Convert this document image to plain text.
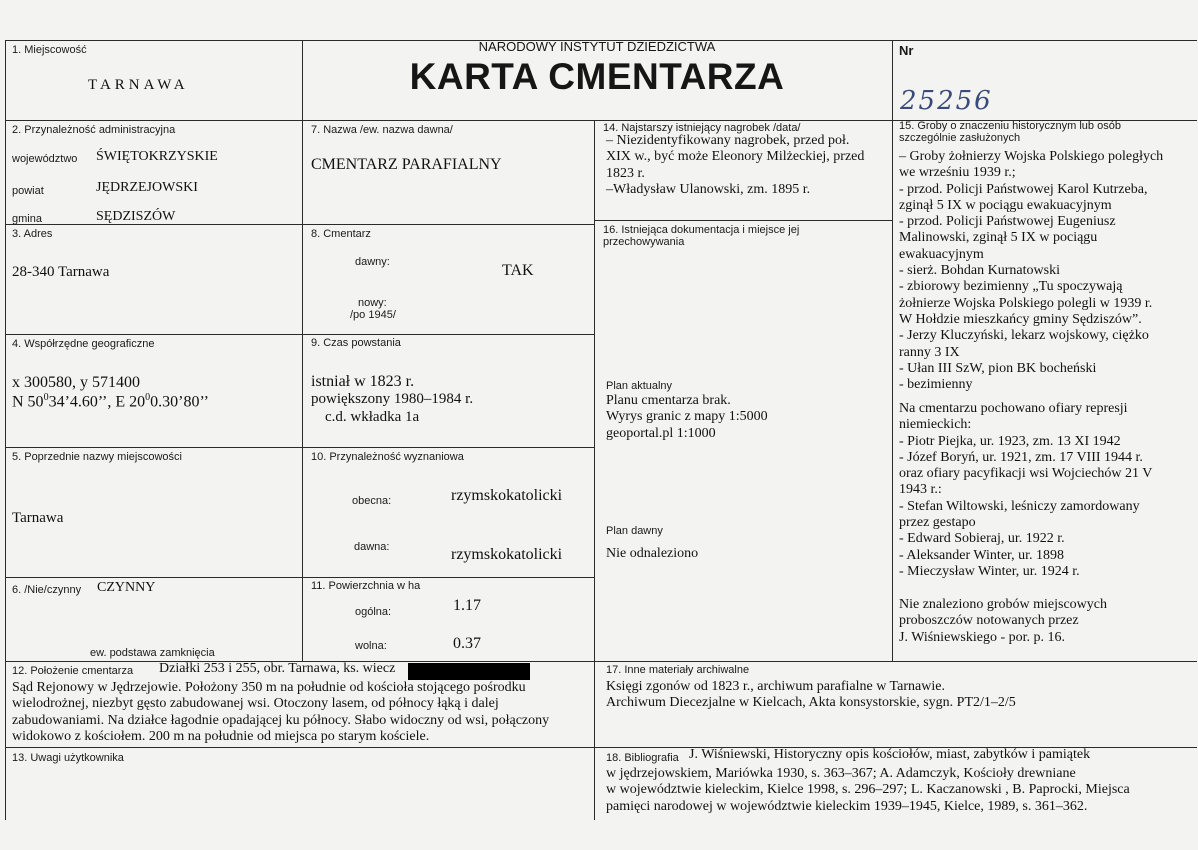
NARODOWY INSTYTUT DZIEDZICTWA
KARTA CMENTARZA
Nr
25256
1. Miejscowość
TARNAWA
2. Przynależność administracyjna
województwo ŚWIĘTOKRZYSKIE
powiat	JĘDRZEJOWSKI
gmina	SĘDZISZÓW
3. Adres
28-340 Tarnawa
4. Współrzędne geograficzne
x 300580, y 571400
N $50^034’4.60$’’, E $20^00.30’80$’’
5. Poprzednie nazwy miejscowości
Tarnawa
6. /Nie/czynny CZYNNY
ew. podstawa zamknięcia
7. Nazwa /ew. nazwa dawna/
CMENTARZ PARAFIALNY
8. Cmentarz
dawny:	TAK
nowy:
/po 1945/
9. Czas powstania
istniał w 1823 r.
powiększony 1980–1984 r.
c.d. wkładka 1a
10. Przynależność wyznaniowa
obecna:	rzymskokatolicki
dawna:	rzymskokatolicki
11. Powierzchnia w ha
ogólna:	1.17
wolna:	0.37
14. Najstarszy istniejący nagrobek /data/
– Niezidentyfikowany nagrobek, przed poł.
XIX w., być może Eleonory Milżeckiej, przed
1823 r.
–Władysław Ulanowski, zm. 1895 r.
16. Istniejąca dokumentacja i miejsce jej
przechowywania
Plan aktualny
Planu cmentarza brak.
Wyrys granic z mapy 1:5000
geoportal.pl 1:1000
Plan dawny
Nie odnaleziono
15. Groby o znaczeniu historycznym lub osób
szczególnie zasłużonych
– Groby żołnierzy Wojska Polskiego poległych
we wrześniu 1939 r.;
- przod. Policji Państwowej Karol Kutrzeba,
zginął 5 IX w pociągu ewakuacyjnym
- przod. Policji Państwowej Eugeniusz
Malinowski, zginął 5 IX w pociągu
ewakuacyjnym
- sierż. Bohdan Kurnatowski
- zbiorowy bezimienny „Tu spoczywają
żołnierze Wojska Polskiego polegli w 1939 r.
W Hołdzie mieszkańcy gminy Sędziszów”.
- Jerzy Kluczyński, lekarz wojskowy, ciężko
ranny 3 IX
- Ułan III SzW, pion BK bocheński
- bezimienny
Na cmentarzu pochowano ofiary represji
niemieckich:
- Piotr Piejka, ur. 1923, zm. 13 XI 1942
- Józef Boryń, ur. 1921, zm. 17 VIII 1944 r.
oraz ofiary pacyfikacji wsi Wojciechów 21 V
1943 r.:
- Stefan Wiltowski, leśniczy zamordowany
przez gestapo
- Edward Sobieraj, ur. 1922 r.
- Aleksander Winter, ur. 1898
- Mieczysław Winter, ur. 1924 r.
Nie znaleziono grobów miejscowych
proboszczów notowanych przez
J. Wiśniewskiego - por. p. 16.
12. Położenie cmentarza Działki 253 i 255, obr. Tarnawa, ks. wiecz
Sąd Rejonowy w Jędrzejowie. Położony 350 m na południe od kościoła stojącego pośrodku
wielodrożnej, niezbyt gęsto zabudowanej wsi. Otoczony lasem, od północy łąką i dalej
zabudowaniami. Na działce łagodnie opadającej ku północy. Słabo widoczny od wsi, połączony
widokowo z kościołem. 200 m na południe od miejsca po starym kościele.
17. Inne materiały archiwalne
Księgi zgonów od 1823 r., archiwum parafialne w Tarnawie.
Archiwum Diecezjalne w Kielcach, Akta konsystorskie, sygn. PT2/1–2/5
13. Uwagi użytkownika	18. Bibliografia J. Wiśniewski, Historyczny opis kościołów, miast, zabytków i pamiątek
w jędrzejowskiem, Mariówka 1930, s. 363–367; A. Adamczyk, Kościoły drewniane
w województwie kieleckim, Kielce 1998, s. 296–297; L. Kaczanowski , B. Paprocki, Miejsca
pamięci narodowej w województwie kieleckim 1939–1945, Kielce, 1989, s. 361–362.
